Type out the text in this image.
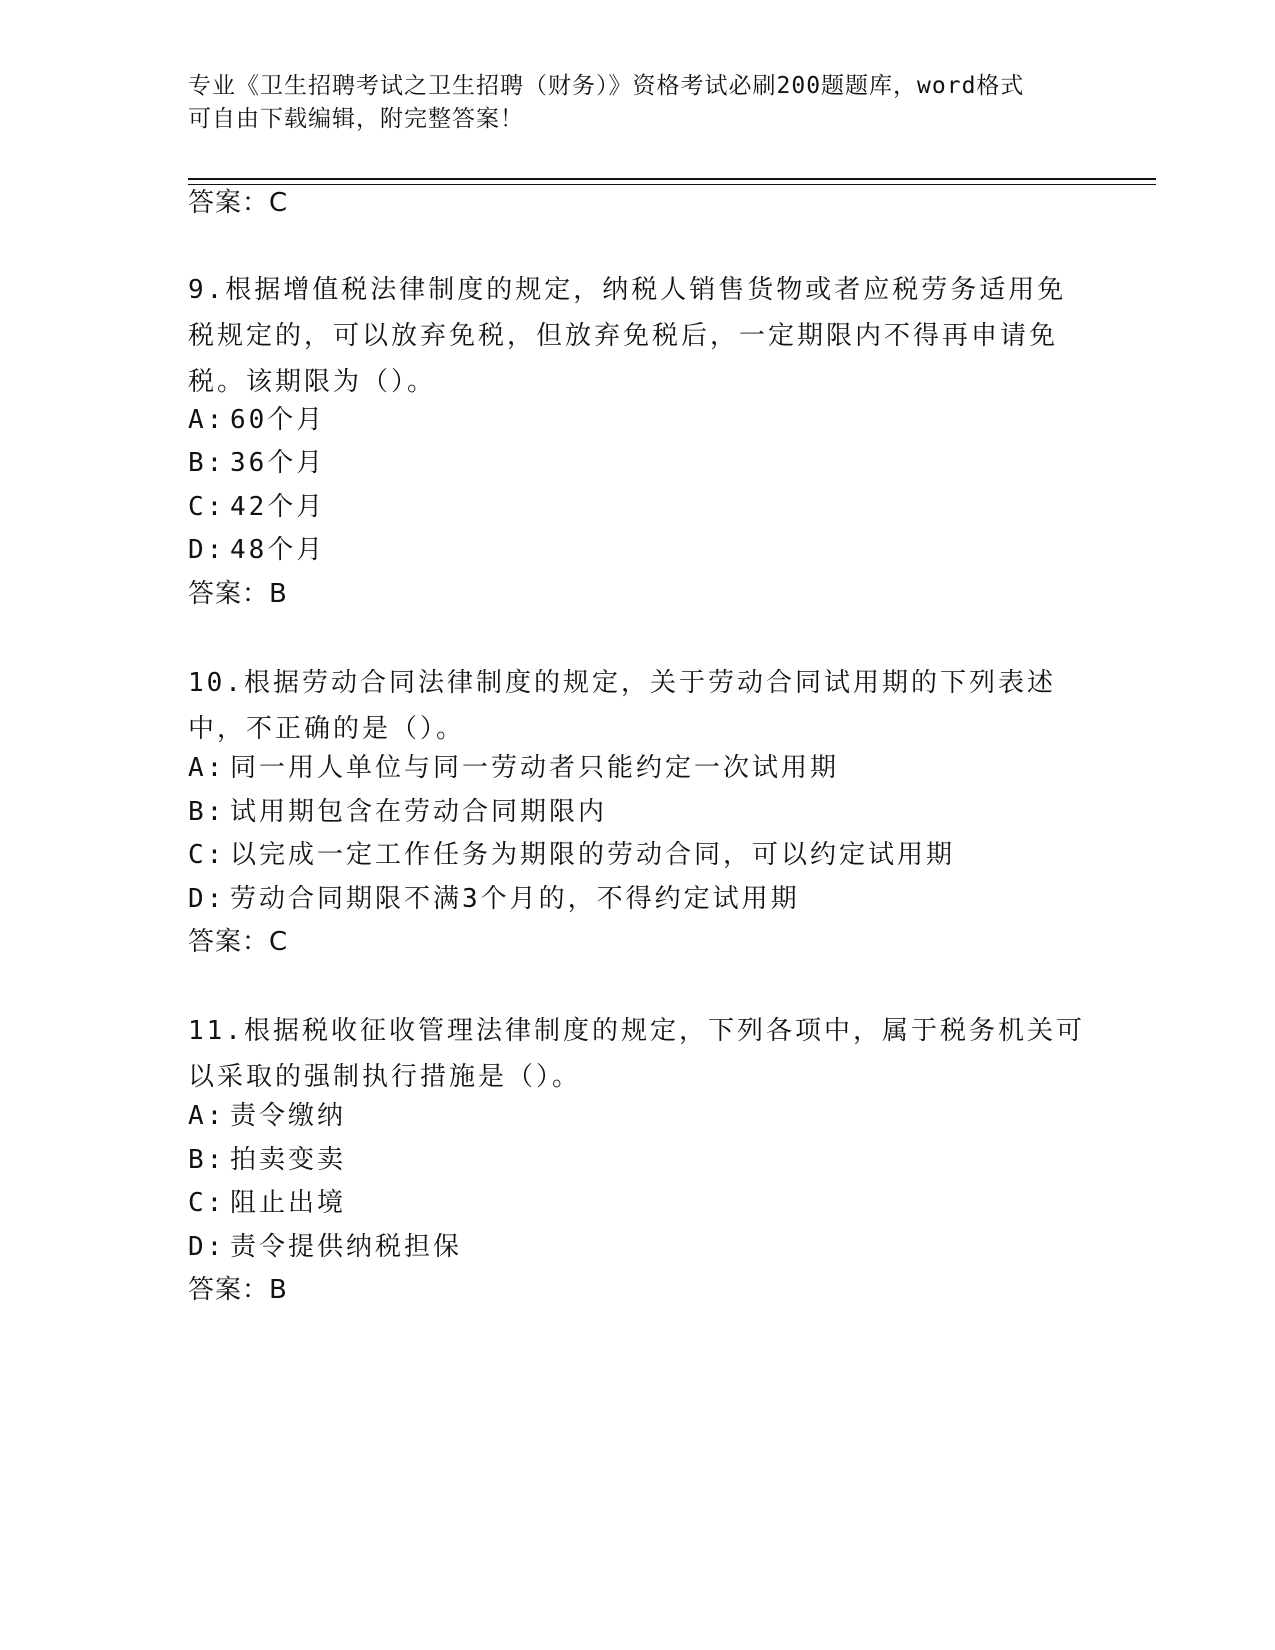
专业《卫生招聘考试之卫生招聘（财务）》资格考试必刷200题题库，word格式
可自由下载编辑，附完整答案！
答案：C
9.根据增值税法律制度的规定，纳税人销售货物或者应税劳务适用免税规定的，可以放弃免税，但放弃免税后，一定期限内不得再申请免税。该期限为（）。
A: 60个月
B: 36个月
C: 42个月
D: 48个月
答案：B
10.根据劳动合同法律制度的规定，关于劳动合同试用期的下列表述中，不正确的是（）。
A: 同一用人单位与同一劳动者只能约定一次试用期
B: 试用期包含在劳动合同期限内
C: 以完成一定工作任务为期限的劳动合同，可以约定试用期
D: 劳动合同期限不满3个月的，不得约定试用期
答案：C
11.根据税收征收管理法律制度的规定，下列各项中，属于税务机关可以采取的强制执行措施是（）。
A: 责令缴纳
B: 拍卖变卖
C: 阻止出境
D: 责令提供纳税担保
答案：B
